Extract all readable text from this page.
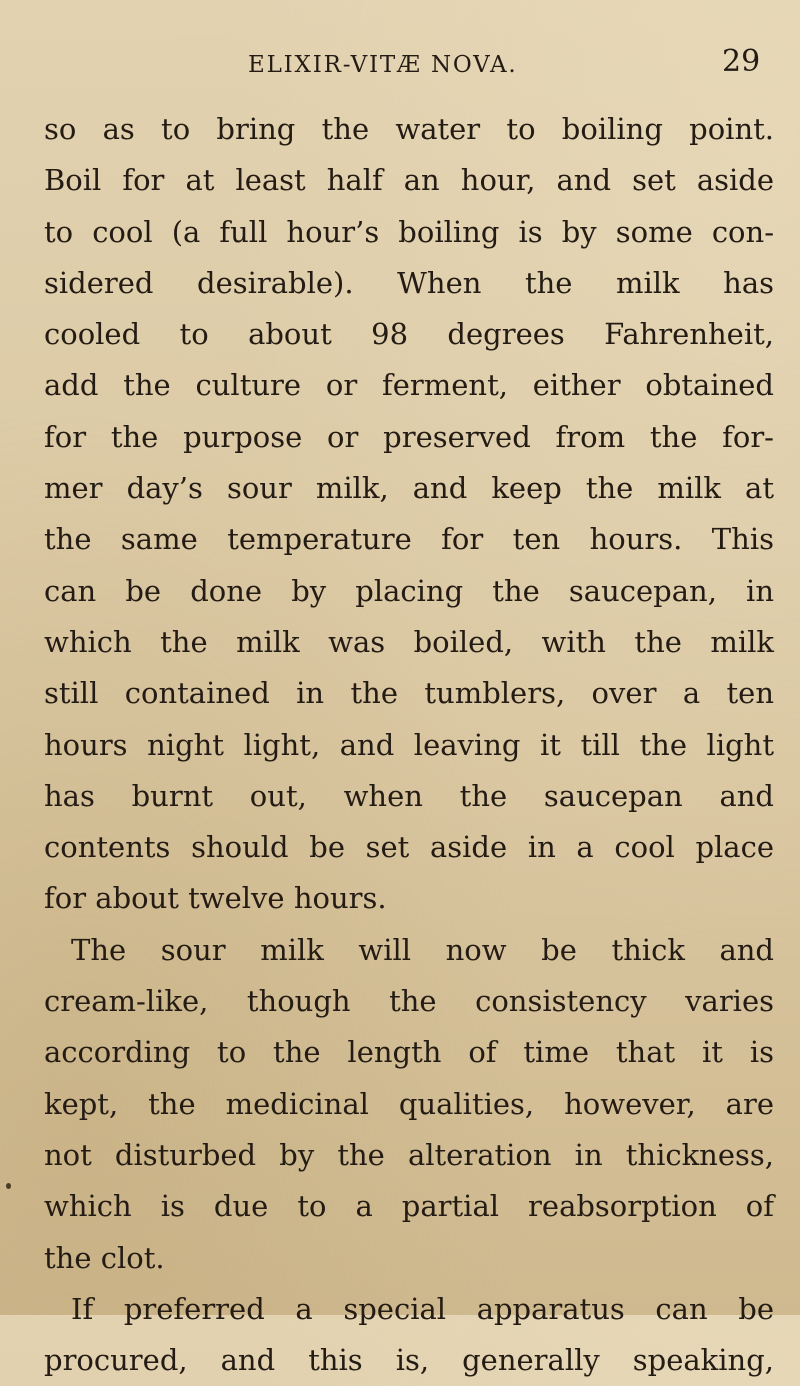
ELIXIR-VITÆ NOVA.	29
so as to bring the water to boiling point.
Boil for at least half an hour, and set aside
to cool (a full hour’s boiling is by some con-
sidered desirable). When the milk has
cooled to about 98 degrees Fahrenheit,
add the culture or ferment, either obtained
for the purpose or preserved from the for-
mer day’s sour milk, and keep the milk at
the same temperature for ten hours. This
can be done by placing the saucepan, in
which the milk was boiled, with the milk
still contained in the tumblers, over a ten
hours night light, and leaving it till the light
has burnt out, when the saucepan and
contents should be set aside in a cool place
for about twelve hours.
The sour milk will now be thick and
cream-like, though the consistency varies
according to the length of time that it is
kept, the medicinal qualities, however, are
not disturbed by the alteration in thickness,
which is due to a partial reabsorption of
the clot.
If preferred a special apparatus can be
procured, and this is, generally speaking,
